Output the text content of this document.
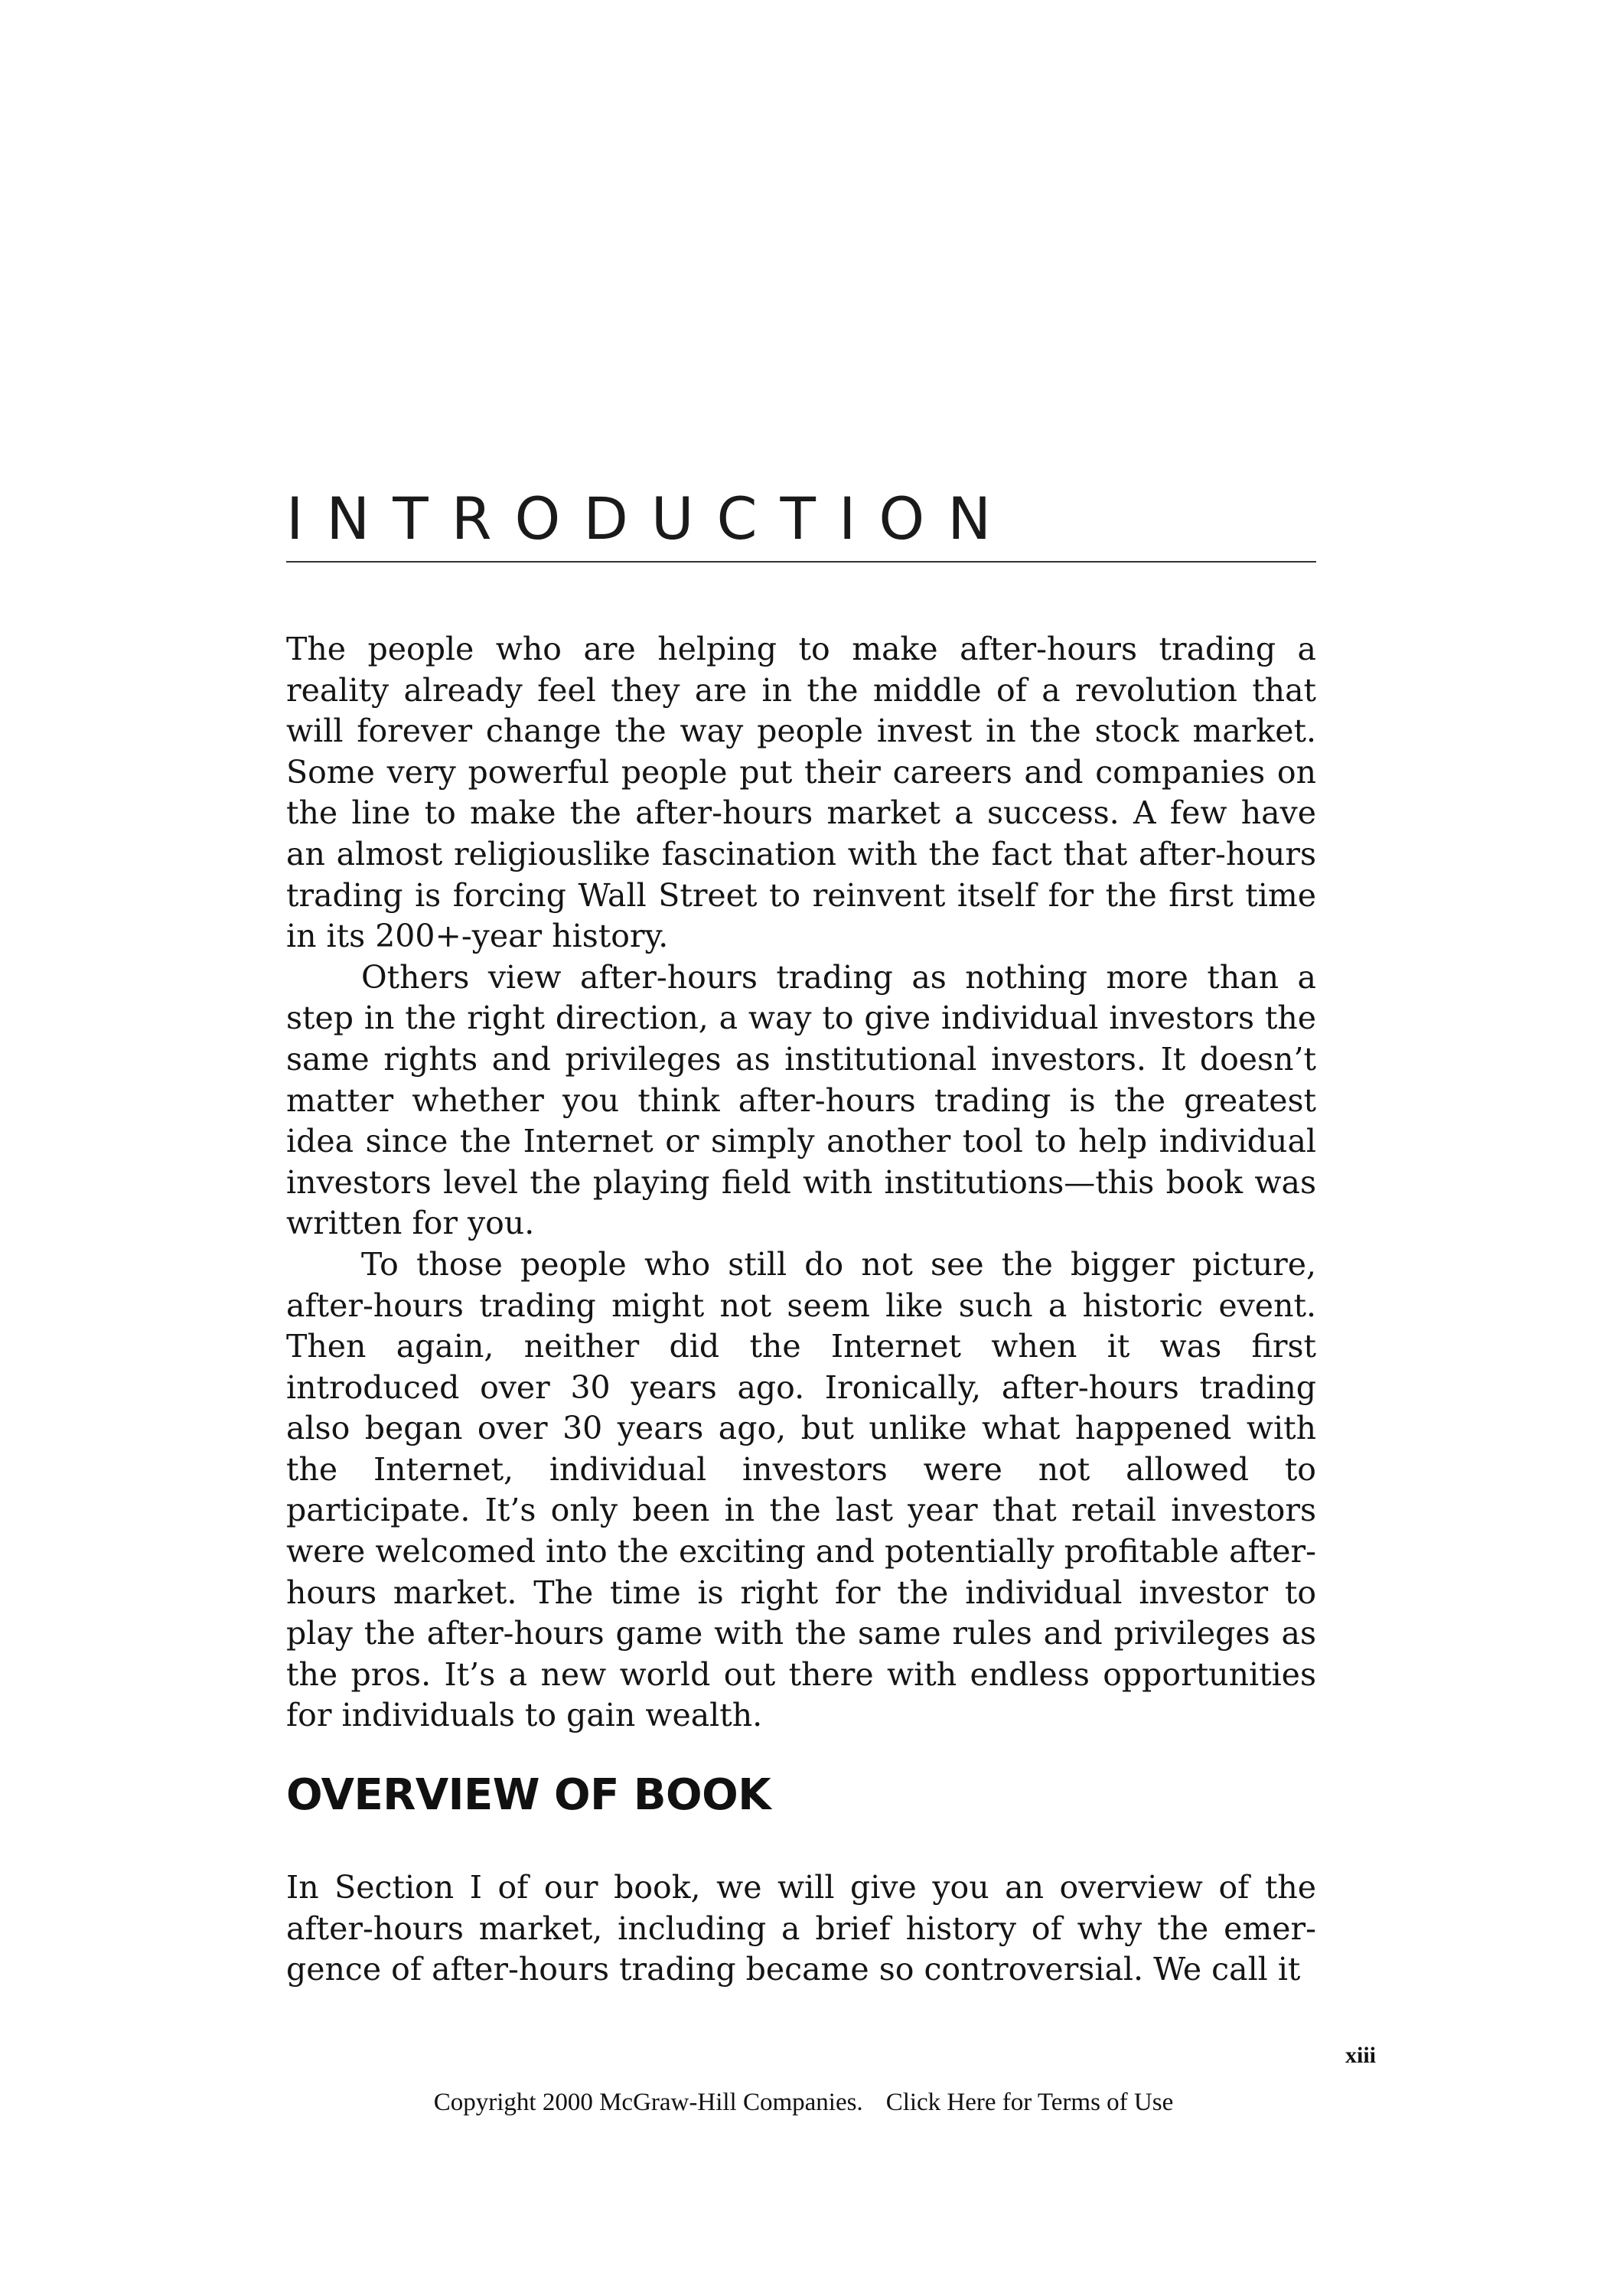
INTRODUCTION

The people who are helping to make after-hours trading a reality already feel they are in the middle of a revolution that will forever change the way people invest in the stock market. Some very powerful people put their careers and companies on the line to make the after-hours market a success. A few have an almost religiouslike fascination with the fact that after-hours trading is forcing Wall Street to reinvent itself for the first time in its 200+-year history.

Others view after-hours trading as nothing more than a step in the right direction, a way to give individual investors the same rights and privileges as institutional investors. It doesn’t matter whether you think after-hours trading is the greatest idea since the Internet or simply another tool to help individual investors level the playing field with institutions—this book was written for you.

To those people who still do not see the bigger picture, after-hours trading might not seem like such a historic event. Then again, neither did the Internet when it was first introduced over 30 years ago. Ironically, after-hours trading also began over 30 years ago, but unlike what happened with the Internet, individual investors were not allowed to participate. It’s only been in the last year that retail investors were welcomed into the exciting and potentially profitable after-hours market. The time is right for the individual investor to play the after-hours game with the same rules and privileges as the pros. It’s a new world out there with endless opportunities for individuals to gain wealth.

OVERVIEW OF BOOK

In Section I of our book, we will give you an overview of the after-hours market, including a brief history of why the emergence of after-hours trading became so controversial. We call it

xiii
Copyright 2000 McGraw-Hill Companies. Click Here for Terms of Use
